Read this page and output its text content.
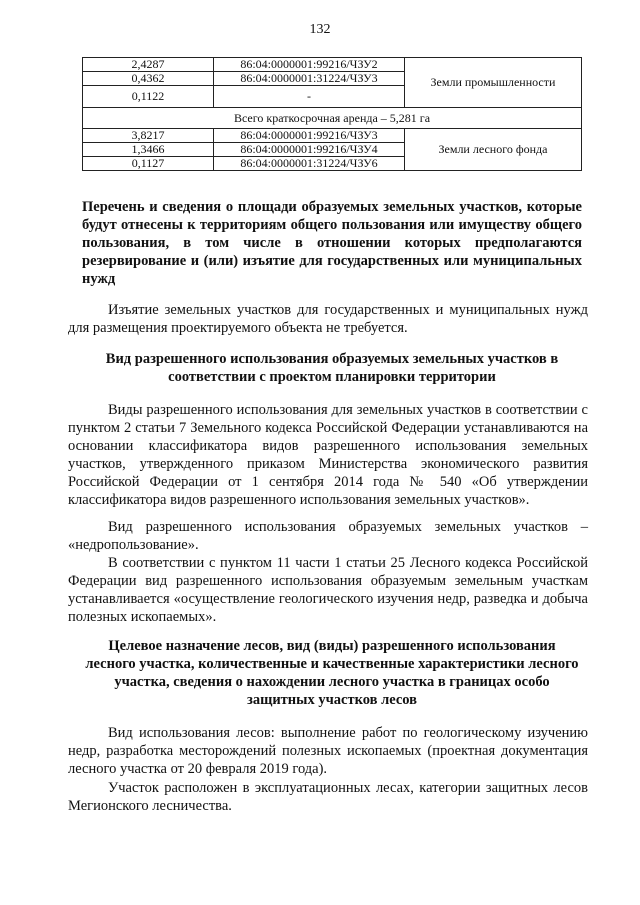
132
2,4287	86:04:0000001:99216/ЧЗУ2	Земли промышленности
0,4362	86:04:0000001:31224/ЧЗУ3	
0,1122	-	
Всего краткосрочная аренда – 5,281 га		
3,8217	86:04:0000001:99216/ЧЗУ3	Земли лесного фонда
1,3466	86:04:0000001:99216/ЧЗУ4	
0,1127	86:04:0000001:31224/ЧЗУ6	
Перечень и сведения о площади образуемых земельных участков, которые будут отнесены к территориям общего пользования или имуществу общего пользования, в том числе в отношении которых предполагаются резервирование и (или) изъятие для государственных или муниципальных нужд
Изъятие земельных участков для государственных и муниципальных нужд для размещения проектируемого объекта не требуется.
Вид разрешенного использования образуемых земельных участков в соответствии с проектом планировки территории
Виды разрешенного использования для земельных участков в соответствии с пунктом 2 статьи 7 Земельного кодекса Российской Федерации устанавливаются на основании классификатора видов разрешенного использования земельных участков, утвержденного приказом Министерства экономического развития Российской Федерации от 1 сентября 2014 года № 540 «Об утверждении классификатора видов разрешенного использования земельных участков».
Вид разрешенного использования образуемых земельных участков – «недропользование».
В соответствии с пунктом 11 части 1 статьи 25 Лесного кодекса Российской Федерации вид разрешенного использования образуемым земельным участкам устанавливается «осуществление геологического изучения недр, разведка и добыча полезных ископаемых».
Целевое назначение лесов, вид (виды) разрешенного использования лесного участка, количественные и качественные характеристики лесного участка, сведения о нахождении лесного участка в границах особо защитных участков лесов
Вид использования лесов: выполнение работ по геологическому изучению недр, разработка месторождений полезных ископаемых (проектная документация лесного участка от 20 февраля 2019 года).
Участок расположен в эксплуатационных лесах, категории защитных лесов Мегионского лесничества.
